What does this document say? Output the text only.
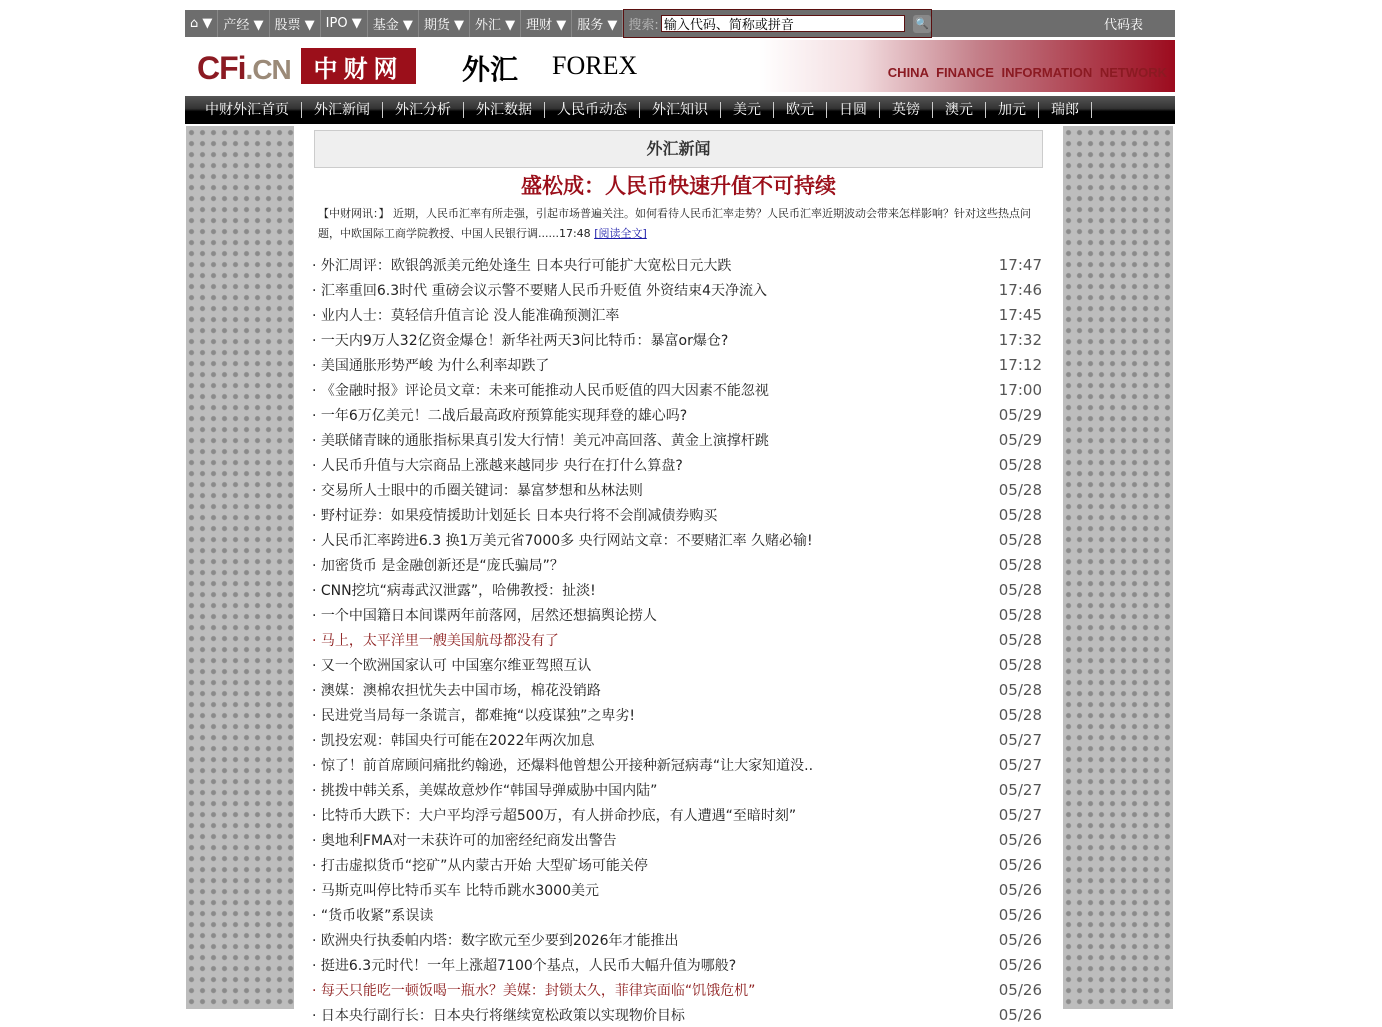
⌂ ▼ 产经 ▼ 股票 ▼ IPO ▼ 基金 ▼ 期货 ▼ 外汇 ▼ 理财 ▼ 服务 ▼ 搜索:
输入代码、简称或拼音	🔍	代码表
CFi.CN 中财网	外汇 FOREX	CHINA FINANCE INFORMATION NETWORK
中财外汇首页	外汇新闻	外汇分析	外汇数据	人民币动态	外汇知识	美元	欧元	日圆	英镑	澳元	加元	瑞郎
外汇新闻
盛松成：人民币快速升值不可持续
【中财网讯：】 近期，人民币汇率有所走强，引起市场普遍关注。如何看待人民币汇率走势？人民币汇率近期波动会带来怎样影响？针对这些热点问题，中欧国际工商学院教授、中国人民银行调......17:48 [阅读全文]
· 外汇周评：欧银鸽派美元绝处逢生 日本央行可能扩大宽松日元大跌	17:47
· 汇率重回6.3时代 重磅会议示警不要赌人民币升贬值 外资结束4天净流入	17:46
· 业内人士：莫轻信升值言论 没人能准确预测汇率	17:45
· 一天内9万人32亿资金爆仓！新华社两天3问比特币：暴富or爆仓?	17:32
· 美国通胀形势严峻 为什么利率却跌了	17:12
· 《金融时报》评论员文章：未来可能推动人民币贬值的四大因素不能忽视	17:00
· 一年6万亿美元！二战后最高政府预算能实现拜登的雄心吗?	05/29
· 美联储青睐的通胀指标果真引发大行情！美元冲高回落、黄金上演撑杆跳	05/29
· 人民币升值与大宗商品上涨越来越同步 央行在打什么算盘?	05/28
· 交易所人士眼中的币圈关键词：暴富梦想和丛林法则	05/28
· 野村证券：如果疫情援助计划延长 日本央行将不会削减债券购买	05/28
· 人民币汇率跨进6.3 换1万美元省7000多 央行网站文章：不要赌汇率 久赌必输!	05/28
· 加密货币 是金融创新还是“庞氏骗局”？	05/28
· CNN挖坑“病毒武汉泄露”，哈佛教授：扯淡!	05/28
· 一个中国籍日本间谍两年前落网，居然还想搞舆论捞人	05/28
· 马上，太平洋里一艘美国航母都没有了	05/28
· 又一个欧洲国家认可 中国塞尔维亚驾照互认	05/28
· 澳媒：澳棉农担忧失去中国市场，棉花没销路	05/28
· 民进党当局每一条谎言，都难掩“以疫谋独”之卑劣!	05/28
· 凯投宏观：韩国央行可能在2022年两次加息	05/27
· 惊了！前首席顾问痛批约翰逊，还爆料他曾想公开接种新冠病毒“让大家知道没..	05/27
· 挑拨中韩关系，美媒故意炒作“韩国导弹威胁中国内陆”	05/27
· 比特币大跌下：大户平均浮亏超500万，有人拼命抄底，有人遭遇“至暗时刻”	05/27
· 奥地利FMA对一未获许可的加密经纪商发出警告	05/26
· 打击虚拟货币“挖矿”从内蒙古开始 大型矿场可能关停	05/26
· 马斯克叫停比特币买车 比特币跳水3000美元	05/26
· “货币收紧”系误读	05/26
· 欧洲央行执委帕内塔：数字欧元至少要到2026年才能推出	05/26
· 挺进6.3元时代！一年上涨超7100个基点，人民币大幅升值为哪般?	05/26
· 每天只能吃一顿饭喝一瓶水？美媒：封锁太久，菲律宾面临“饥饿危机”	05/26
· 日本央行副行长：日本央行将继续宽松政策以实现物价目标	05/26
